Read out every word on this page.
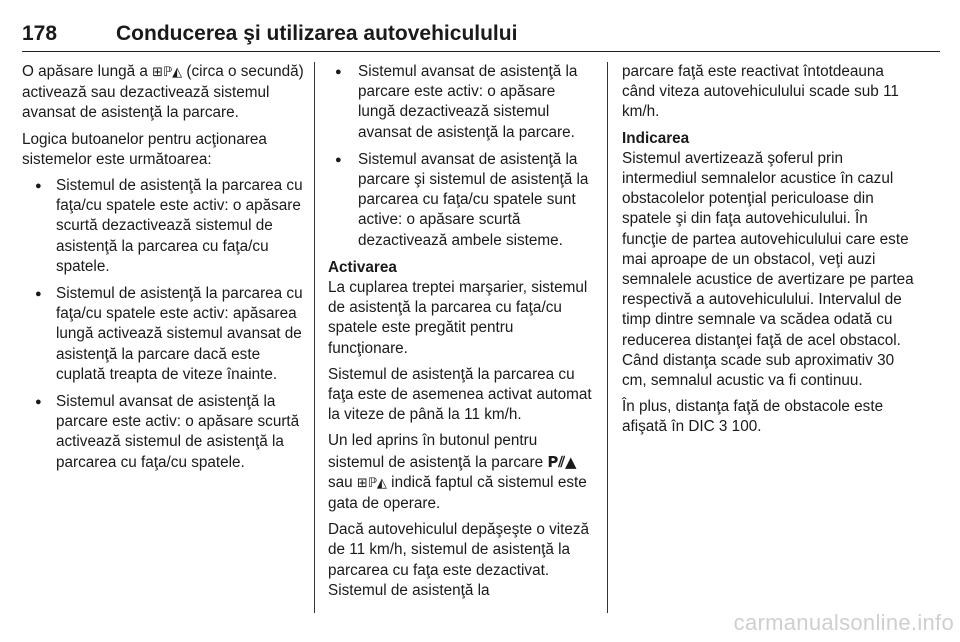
178	Conducerea şi utilizarea autovehiculului

O apăsare lungă a ⊞ℙ◭ (circa o secundă) activează sau dezactivează sistemul avansat de asistenţă la parcare.

Logica butoanelor pentru acţionarea sistemelor este următoarea:

● Sistemul de asistenţă la parcarea cu faţa/cu spatele este activ: o apăsare scurtă dezactivează sistemul de asistenţă la parcarea cu faţa/cu spatele.
● Sistemul de asistenţă la parcarea cu faţa/cu spatele este activ: apăsarea lungă activează sistemul avansat de asistenţă la parcare dacă este cuplată treapta de viteze înainte.
● Sistemul avansat de asistenţă la parcare este activ: o apăsare scurtă activează sistemul de asistenţă la parcarea cu faţa/cu spatele.
● Sistemul avansat de asistenţă la parcare este activ: o apăsare lungă dezactivează sistemul avansat de asistenţă la parcare.
● Sistemul avansat de asistenţă la parcare şi sistemul de asistenţă la parcarea cu faţa/cu spatele sunt active: o apăsare scurtă dezactivează ambele sisteme.
Activarea

La cuplarea treptei marşarier, sistemul de asistenţă la parcarea cu faţa/cu spatele este pregătit pentru funcţionare.

Sistemul de asistenţă la parcarea cu faţa este de asemenea activat automat la viteze de până la 11 km/h.

Un led aprins în butonul pentru sistemul de asistenţă la parcare P⫽▲ sau ⊞ℙ◭ indică faptul că sistemul este gata de operare.

Dacă autovehiculul depăşeşte o viteză de 11 km/h, sistemul de asistenţă la parcarea cu faţa este dezactivat. Sistemul de asistenţă la

parcare faţă este reactivat întotdeauna când viteza autovehiculului scade sub 11 km/h.

Indicarea

Sistemul avertizează şoferul prin intermediul semnalelor acustice în cazul obstacolelor potenţial periculoase din spatele şi din faţa autovehiculului. În funcţie de partea autovehiculului care este mai aproape de un obstacol, veţi auzi semnalele acustice de avertizare pe partea respectivă a autovehiculului. Intervalul de timp dintre semnale va scădea odată cu reducerea distanţei faţă de acel obstacol. Când distanţa scade sub aproximativ 30 cm, semnalul acustic va fi continuu.

În plus, distanţa faţă de obstacole este afişată în DIC 3 100.

carmanualsonline.info
